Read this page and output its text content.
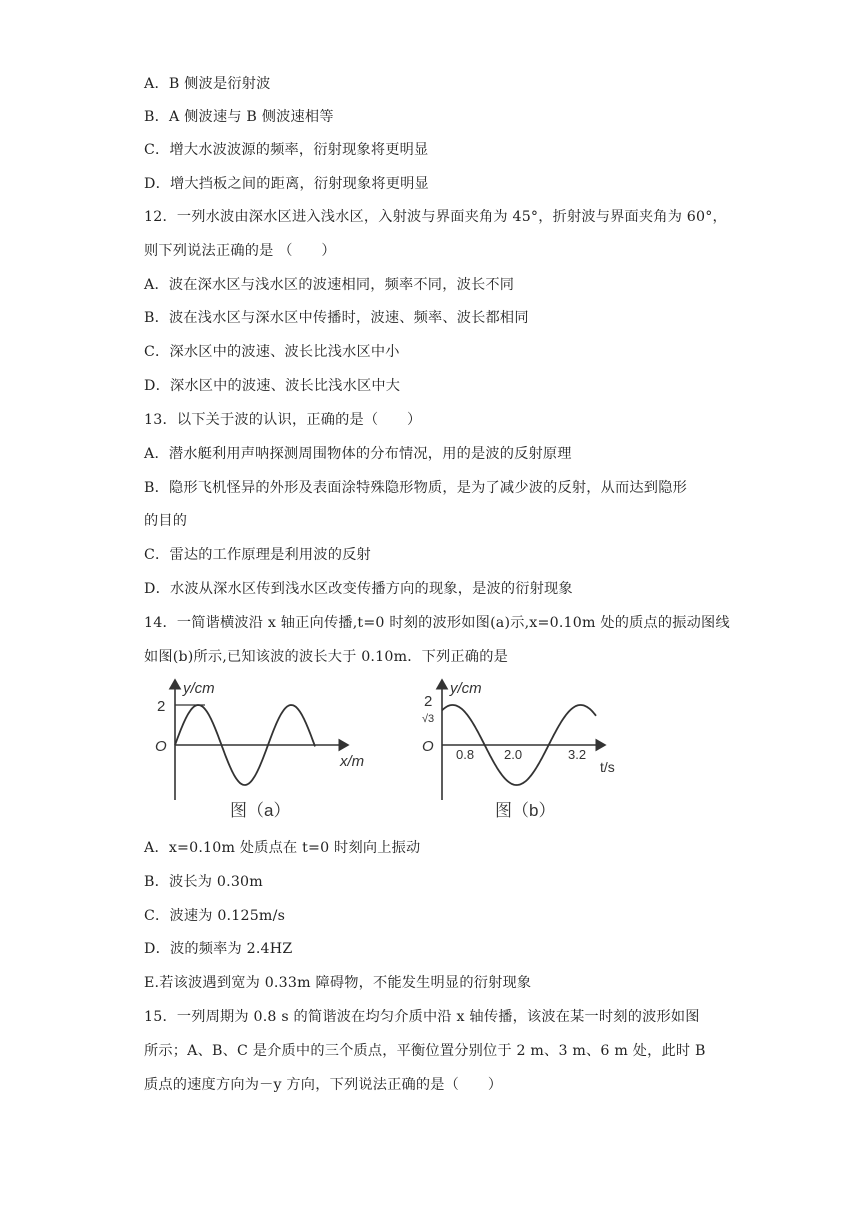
A．B 侧波是衍射波
B．A 侧波速与 B 侧波速相等
C．增大水波波源的频率，衍射现象将更明显
D．增大挡板之间的距离，衍射现象将更明显
12．一列水波由深水区进入浅水区，入射波与界面夹角为 45°，折射波与界面夹角为 60°，
则下列说法正确的是 （　　）
A．波在深水区与浅水区的波速相同，频率不同，波长不同
B．波在浅水区与深水区中传播时，波速、频率、波长都相同
C．深水区中的波速、波长比浅水区中小
D．深水区中的波速、波长比浅水区中大
13．以下关于波的认识，正确的是（　　）
A．潜水艇利用声呐探测周围物体的分布情况，用的是波的反射原理
B．隐形飞机怪异的外形及表面涂特殊隐形物质，是为了减少波的反射，从而达到隐形
的目的
C．雷达的工作原理是利用波的反射
D．水波从深水区传到浅水区改变传播方向的现象，是波的衍射现象
14．一简谐横波沿 x 轴正向传播,t=0 时刻的波形如图(a)示,x=0.10m 处的质点的振动图线
如图(b)所示,已知该波的波长大于 0.10m．下列正确的是
y/cm
2
O
x/m
图（a）
y/cm
2
√3
O 0.8 2.0	3.2
t/s
图（b）
A．x=0.10m 处质点在 t=0 时刻向上振动
B．波长为 0.30m
C．波速为 0.125m/s
D．波的频率为 2.4HZ
E.若该波遇到宽为 0.33m 障碍物，不能发生明显的衍射现象
15．一列周期为 0.8 s 的简谐波在均匀介质中沿 x 轴传播，该波在某一时刻的波形如图
所示；A、B、C 是介质中的三个质点，平衡位置分别位于 2 m、3 m、6 m 处，此时 B
质点的速度方向为－y 方向，下列说法正确的是（　　）
